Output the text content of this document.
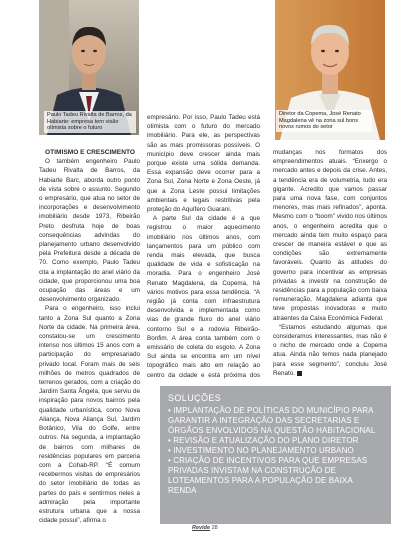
Paulo Tadeu Rivalta de Barros, da Habiarte: empresa tem visão otimista sobre o futuro
Diretor da Copema, José Renato Magdalena vê na zona sul bons novos rumos do setor
OTIMISMO E CRESCIMENTO

O também engenheiro Paulo Tadeu Rivalta de Barros, da Habiarte Barc, aborda outro ponto de vista sobre o assunto. Segundo o empresário, que atua no setor de incorporações e desenvolvimento imobiliário desde 1973, Ribeirão Preto desfruta hoje de boas consequências advindas do planejamento urbano desenvolvido pela Prefeitura desde a década de 70. Como exemplo, Paulo Tadeu cita a implantação do anel viário da cidade, que proporcionou uma boa ocupação das áreas e um desenvolvimento organizado.

Para o engenheiro, isso inclui tanto a Zona Sul quanto a Zona Norte da cidade. Na primeira área, constatou-se um crescimento intenso nos últimos 15 anos com a participação do empresariado privado local. Foram mais de seis milhões de metros quadrados de terrenos gerados, com a criação do Jardim Santa Ângela, que serviu de inspiração para novos bairros pela qualidade urbanística, como Nova Aliança, Nova Aliança Sul, Jardim Botânico, Vila do Golfe, entre outros. Na segunda, a implantação de bairros com milhares de residências populares em parceria com a Cohab-RP. “É comum recebermos visitas de empresários do setor imobiliário de todas as partes do país e sentirmos neles a admiração pela importante estrutura urbana que a nossa cidade possui”, afirma o

empresário. Por isso, Paulo Tadeu está otimista com o futuro do mercado imobiliário. Para ele, as perspectivas são as mais promissoras possíveis. O município deve crescer ainda mais porque existe uma sólida demanda. Essa expansão deve ocorrer para a Zona Sul, Zona Norte e Zona Oeste, já que a Zona Leste possui limitações ambientais e legais restritivas pela proteção do Aquífero Guarani.

A parte Sul da cidade é a que registrou o maior aquecimento imobiliário nos últimos anos, com lançamentos para um público com renda mais elevada, que busca qualidade de vida e sofisticação na moradia. Para o engenheiro José Renato Magdalena, da Copema, há vários motivos para essa tendência. “A região já conta com infraestrutura desenvolvida e implementada como vias de grande fluxo do anel viário contorno Sul e a rodovia Ribeirão-Bonfim. A área conta também com o emissário de coleta do esgoto. A Zona Sul ainda se encontra em um nível topográfico mais alto em relação ao centro da cidade e está próxima dos

mudanças nos formatos dos empreendimentos atuais. “Enxergo o mercado antes e depois da crise. Antes, a tendência era de volumetria, tudo era gigante. Acredito que vamos passar para uma nova fase, com conjuntos menores, mas mais refinados”, aponta. Mesmo com o “boom” vivido nos últimos anos, o engenheiro acredita que o mercado ainda tem muito espaço para crescer de maneira estável e que as condições são extremamente favoráveis. Quanto às atitudes do governo para incentivar as empresas privadas a investir na construção de residências para a população com baixa remuneração, Magdalena adianta que teve propostas inovadoras e muito atraentes da Caixa Econômica Federal.

“Estamos estudando algumas que consideramos interessantes, mas não é o nicho de mercado onde a Copema atua. Ainda não temos nada planejado para esse segmento”, concluiu José Renato.

SOLUÇÕES
• IMPLANTAÇÃO DE POLÍTICAS DO MUNICÍPIO PARA GARANTIR A INTEGRAÇÃO DAS SECRETARIAS E ÓRGÃOS ENVOLVIDOS NA QUESTÃO HABITACIONAL
• REVISÃO E ATUALIZAÇÃO DO PLANO DIRETOR
• INVESTIMENTO NO PLANEJAMENTO URBANO
• CRIAÇÃO DE INCENTIVOS PARA QUE EMPRESAS PRIVADAS INVISTAM NA CONSTRUÇÃO DE LOTEAMENTOS PARA A POPULAÇÃO DE BAIXA RENDA
Revide 28
